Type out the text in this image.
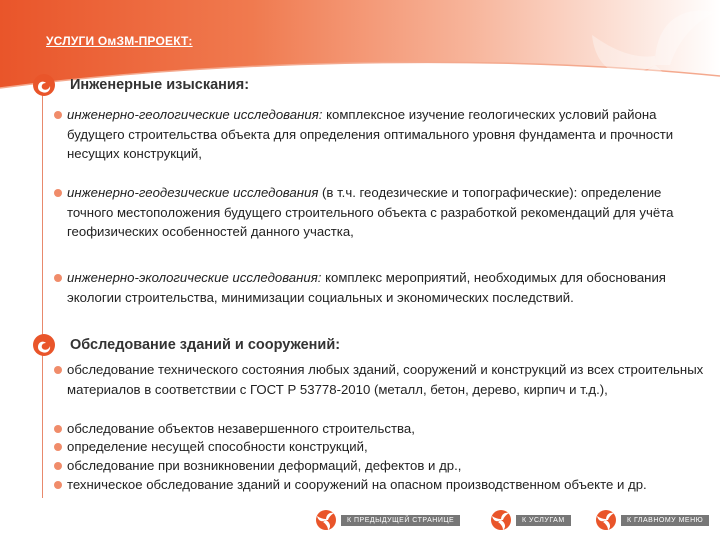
УСЛУГИ ОмЗМ-ПРОЕКТ:
Инженерные изыскания:
инженерно-геологические исследования: комплексное изучение геологических условий района будущего строительства объекта для определения оптимального уровня фундамента и прочности несущих конструкций,
инженерно-геодезические исследования (в т.ч. геодезические и топографические): определение точного местоположения будущего строительного объекта с разработкой рекомендаций для учёта геофизических особенностей данного участка,
инженерно-экологические исследования: комплекс мероприятий, необходимых для обоснования экологии строительства, минимизации социальных и экономических последствий.
Обследование зданий и сооружений:
обследование технического состояния любых зданий, сооружений и конструкций из всех строительных материалов в соответствии с ГОСТ Р 53778-2010 (металл, бетон, дерево, кирпич и т.д.),
обследование объектов незавершенного строительства,
определение несущей способности конструкций,
обследование при возникновении деформаций, дефектов и др.,
техническое обследование зданий и сооружений на опасном производственном объекте и др.
К ПРЕДЫДУЩЕЙ СТРАНИЦЕ	К УСЛУГАМ	К ГЛАВНОМУ МЕНЮ
